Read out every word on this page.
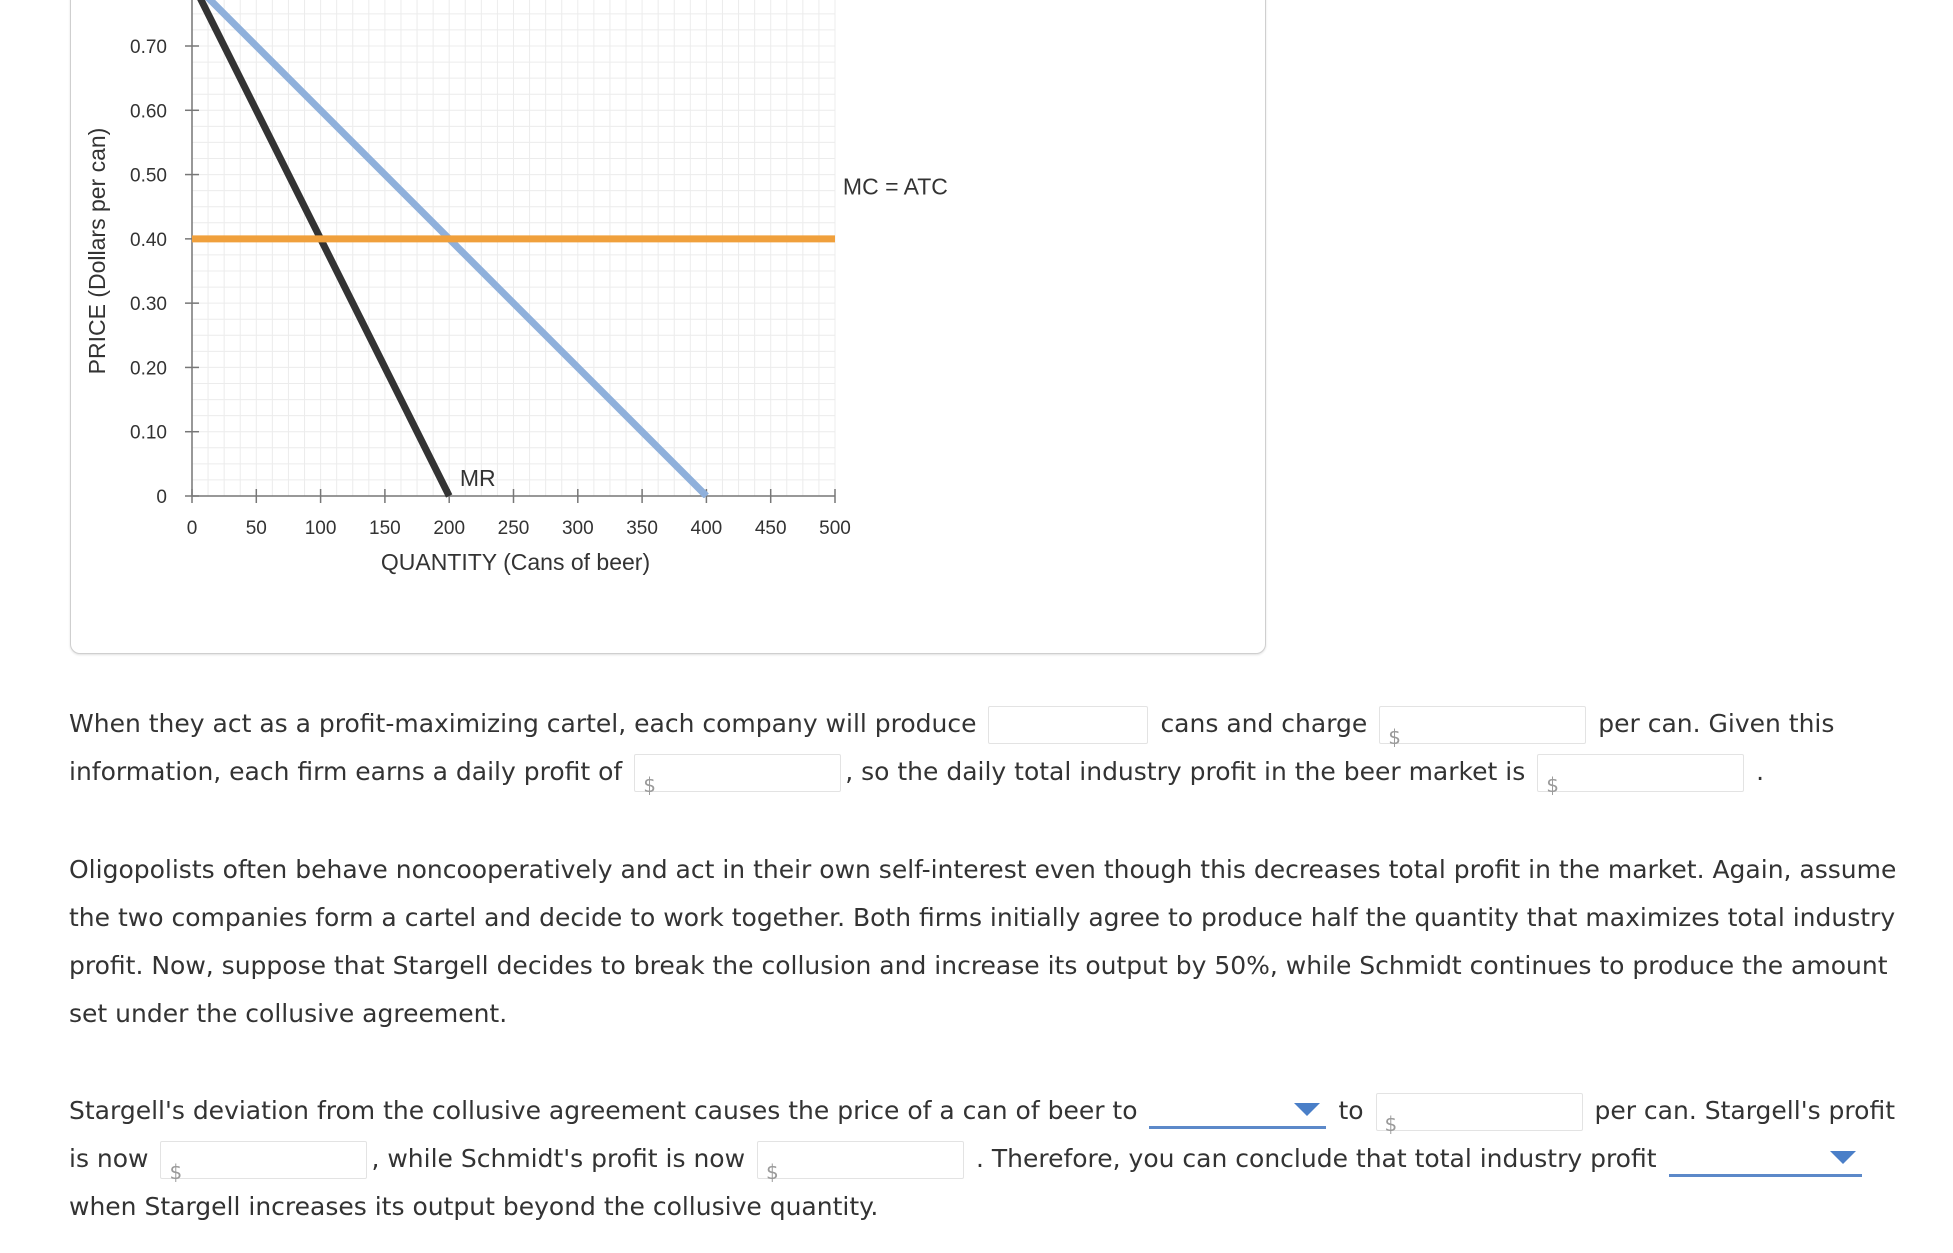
0	50 100 150 200 250 300 350 400 450 500
0
0.10
0.20
0.30
0.40
0.50
0.60
0.70
QUANTITY (Cans of beer)
PRICE (Dollars per can)
MR
MC = ATC
When they act as a profit-maximizing cartel, each company will produce	cans and charge $	per can. Given this information, each firm earns a daily profit of $	, so the daily total industry profit in the beer market is $	.
Oligopolists often behave noncooperatively and act in their own self-interest even though this decreases total profit in the market. Again, assume the two companies form a cartel and decide to work together. Both firms initially agree to produce half the quantity that maximizes total industry profit. Now, suppose that Stargell decides to break the collusion and increase its output by 50%, while Schmidt continues to produce the amount set under the collusive agreement.
Stargell's deviation from the collusive agreement causes the price of a can of beer to	to $	per can. Stargell's profit is now $	, while Schmidt's profit is now $	. Therefore, you can conclude that total industry profit
when Stargell increases its output beyond the collusive quantity.
